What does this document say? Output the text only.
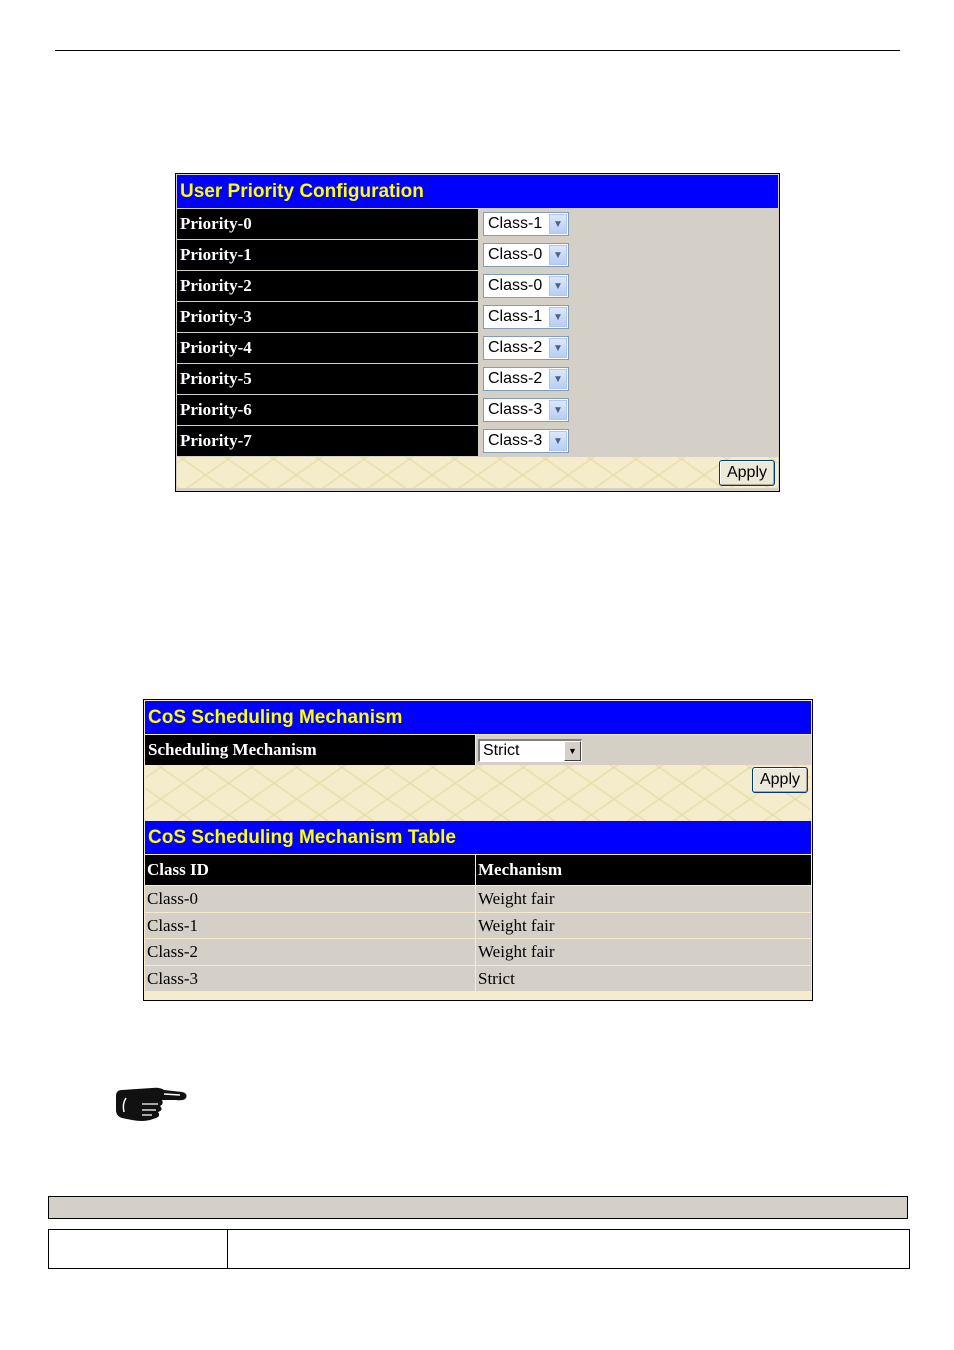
User Priority Configuration
Priority-0	Class-1	▼
Priority-1	Class-0	▼
Priority-2	Class-0	▼
Priority-3	Class-1	▼
Priority-4	Class-2	▼
Priority-5	Class-2	▼
Priority-6	Class-3	▼
Priority-7	Class-3	▼
Apply
CoS Scheduling Mechanism
Scheduling Mechanism	Strict	▼
Apply
CoS Scheduling Mechanism Table
Class ID	Mechanism
Class-0	Weight fair
Class-1	Weight fair
Class-2	Weight fair
Class-3	Strict
